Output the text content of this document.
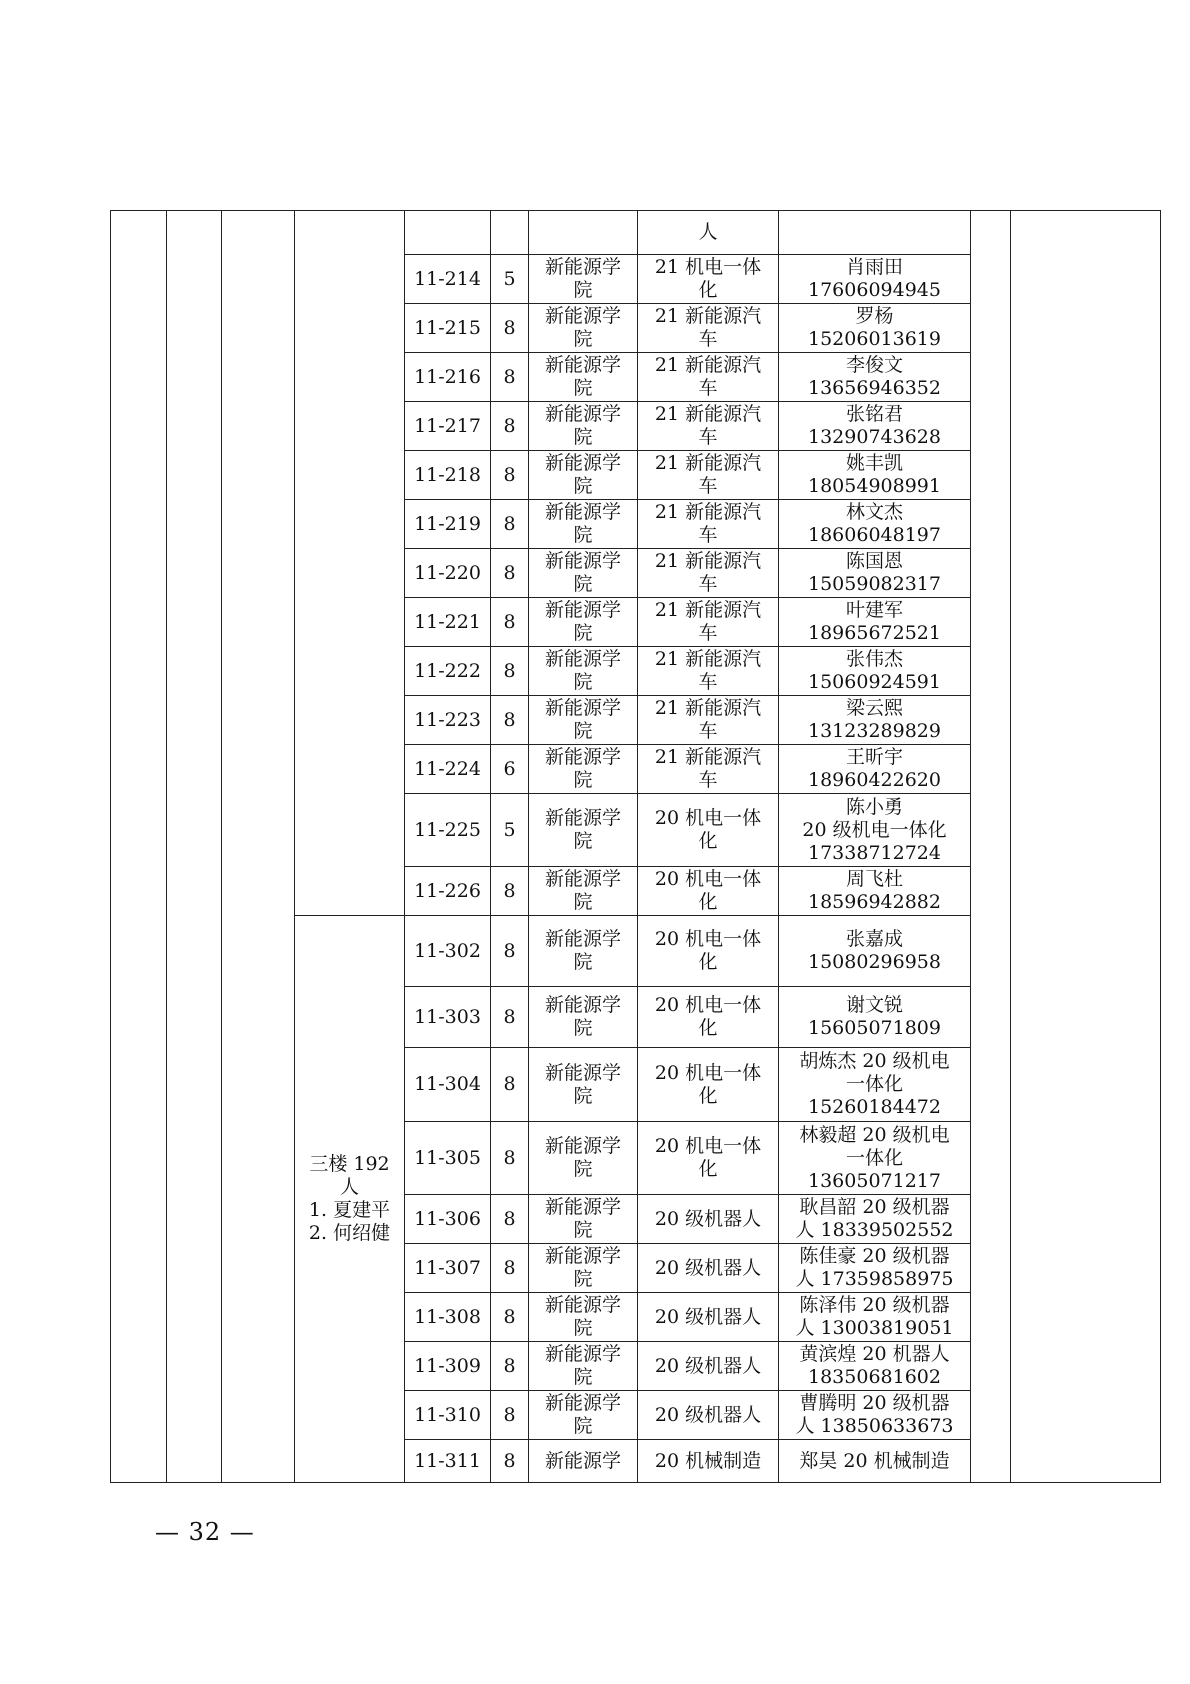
							人			
				11-214	5	新能源学院	21 机电一体化	肖雨田
17606094945		
				11-215	8	新能源学院	21 新能源汽车	罗杨
15206013619		
				11-216	8	新能源学院	21 新能源汽车	李俊文
13656946352		
				11-217	8	新能源学院	21 新能源汽车	张铭君
13290743628		
				11-218	8	新能源学院	21 新能源汽车	姚丰凯
18054908991		
				11-219	8	新能源学院	21 新能源汽车	林文杰
18606048197		
				11-220	8	新能源学院	21 新能源汽车	陈国恩
15059082317		
				11-221	8	新能源学院	21 新能源汽车	叶建军
18965672521		
				11-222	8	新能源学院	21 新能源汽车	张伟杰
15060924591		
				11-223	8	新能源学院	21 新能源汽车	梁云熙
13123289829		
				11-224	6	新能源学院	21 新能源汽车	王昕宇
18960422620		
				11-225	5	新能源学院	20 机电一体化	陈小勇
20 级机电一体化
17338712724		
				11-226	8	新能源学院	20 机电一体化	周飞杜
18596942882		
			三楼 192
人
1. 夏建平
2. 何绍健	11-302	8	新能源学院	20 机电一体化	张嘉成
15080296958		
				11-303	8	新能源学院	20 机电一体化	谢文锐
15605071809		
				11-304	8	新能源学院	20 机电一体化	胡炼杰 20 级机电
一体化
15260184472		
				11-305	8	新能源学院	20 机电一体化	林毅超 20 级机电
一体化
13605071217		
				11-306	8	新能源学院	20 级机器人	耿昌韶 20 级机器
人 18339502552		
				11-307	8	新能源学院	20 级机器人	陈佳豪 20 级机器
人 17359858975		
				11-308	8	新能源学院	20 级机器人	陈泽伟 20 级机器
人 13003819051		
				11-309	8	新能源学院	20 级机器人	黄滨煌 20 机器人
18350681602		
				11-310	8	新能源学院	20 级机器人	曹腾明 20 级机器
人 13850633673		
				11-311	8	新能源学	20 机械制造	郑昊 20 机械制造		
— 32 —
